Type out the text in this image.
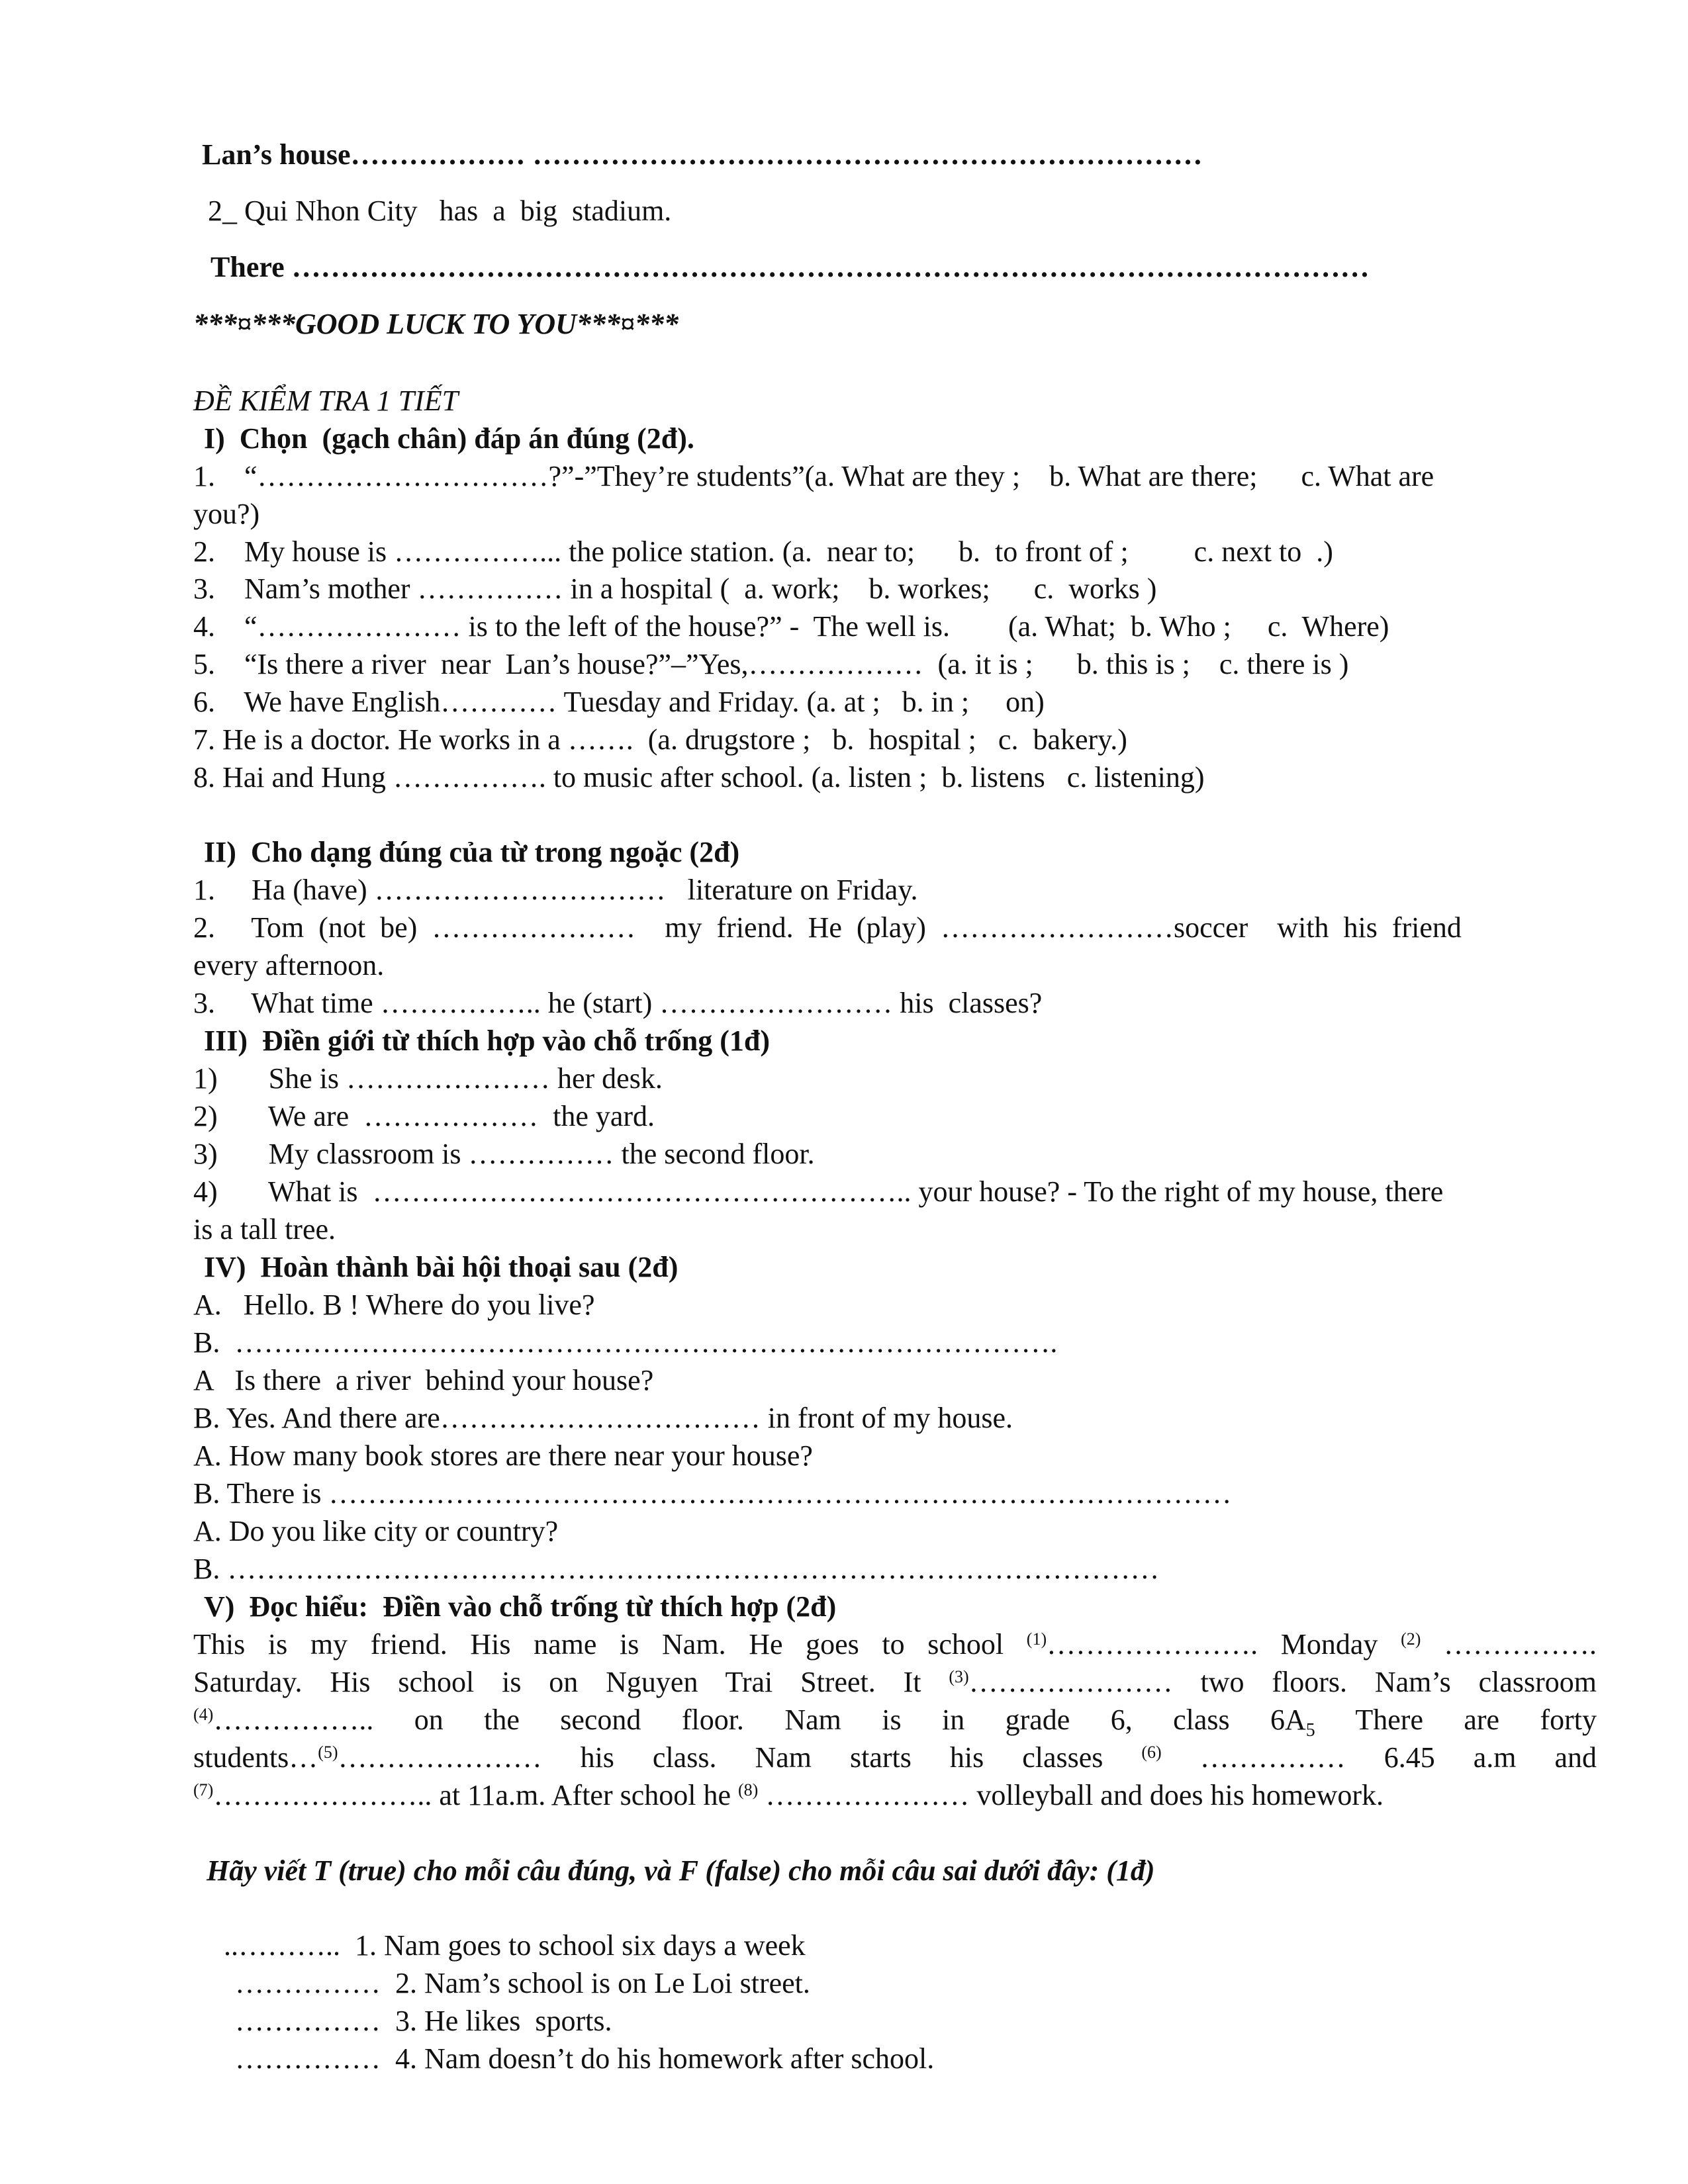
Lan’s house……………… ……………………………………………………………

2_ Qui Nhon City   has  a  big  stadium.

There …………………………………………………………………………………………………

***¤***GOOD LUCK TO YOU***¤***

ĐỀ KIỂM TRA 1 TIẾT

I)  Chọn  (gạch chân) đáp án đúng (2đ).

1.    “…………………………?”-”They’re students”(a. What are they ;    b. What are there;      c. What are

you?)

2.    My house is ……………... the police station. (a.  near to;      b.  to front of ;         c. next to  .)

3.    Nam’s mother …………… in a hospital (  a. work;    b. workes;      c.  works )

4.    “………………… is to the left of the house?” -  The well is.        (a. What;  b. Who ;     c.  Where)

5.    “Is there a river  near  Lan’s house?”–”Yes,………………  (a. it is ;      b. this is ;    c. there is )

6.    We have English………… Tuesday and Friday. (a. at ;   b. in ;     on)

7. He is a doctor. He works in a …….  (a. drugstore ;   b.  hospital ;   c.  bakery.)

8. Hai and Hung ……………. to music after school. (a. listen ;  b. listens   c. listening)

II)  Cho dạng đúng của từ trong ngoặc (2đ)

1.     Ha (have) …………………………   literature on Friday.

2.     Tom  (not  be)  …………………    my  friend.  He  (play)  ……………………soccer    with  his  friend

every afternoon.

3.     What time …………….. he (start) …………………… his  classes?

III)  Điền giới từ thích hợp vào chỗ trống (1đ)

1)       She is ………………… her desk.

2)       We are  ………………  the yard.

3)       My classroom is …………… the second floor.

4)       What is  ……………………………………………….. your house? - To the right of my house, there

is a tall tree.

IV)  Hoàn thành bài hội thoại sau (2đ)

A.   Hello. B ! Where do you live?

B.  ………………………………………………………………………….

A   Is there  a river  behind your house?

B. Yes. And there are…………………………… in front of my house.

A. How many book stores are there near your house?

B. There is …………………………………………………………………………………

A. Do you like city or country?

B. ……………………………………………………………………………………

V)  Đọc hiểu:  Điền vào chỗ trống từ thích hợp (2đ)

This is my friend. His name is Nam. He goes to school $^{(1)}$…………………. Monday $^{(2)}$ …………….

Saturday. His school is on Nguyen Trai Street. It $^{(3)}$………………… two floors. Nam’s classroom

$^{(4)}$…………….. on the second floor. Nam is in grade 6, class $6A_5$ There are forty

students…$^{(5)}$………………… his class. Nam starts his classes $^{(6)}$ …………… 6.45 a.m and

$^{(7)}$………………….. at 11a.m. After school he $^{(8)}$ ………………… volleyball and does his homework.

Hãy viết T (true) cho mỗi câu đúng, và F (false) cho mỗi câu sai dưới đây: (1đ)

..………..  1. Nam goes to school six days a week

……………  2. Nam’s school is on Le Loi street.

……………  3. He likes  sports.

……………  4. Nam doesn’t do his homework after school.
